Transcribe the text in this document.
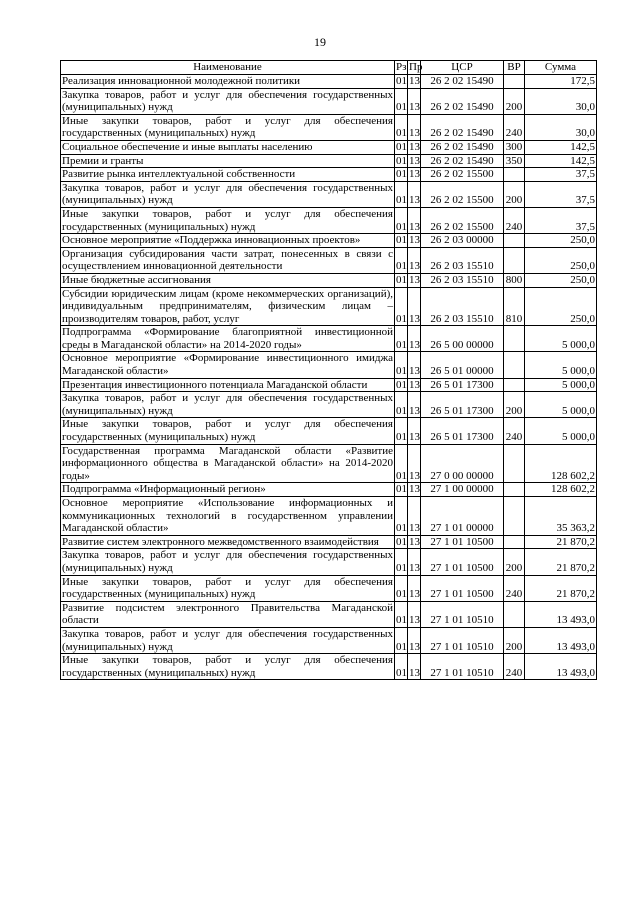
19
Наименование	Рз	Пр	ЦСР	ВР	Сумма
Реализация инновационной молодежной политики	01	13	26 2 02 15490		172,5
Закупка товаров, работ и услуг для обеспечения государственных (муниципальных) нужд	01	13	26 2 02 15490	200	30,0
Иные закупки товаров, работ и услуг для обеспечения государственных (муниципальных) нужд	01	13	26 2 02 15490	240	30,0
Социальное обеспечение и иные выплаты населению	01	13	26 2 02 15490	300	142,5
Премии и гранты	01	13	26 2 02 15490	350	142,5
Развитие рынка интеллектуальной собственности	01	13	26 2 02 15500		37,5
Закупка товаров, работ и услуг для обеспечения государственных (муниципальных) нужд	01	13	26 2 02 15500	200	37,5
Иные закупки товаров, работ и услуг для обеспечения государственных (муниципальных) нужд	01	13	26 2 02 15500	240	37,5
Основное мероприятие «Поддержка инновационных проектов»	01	13	26 2 03 00000		250,0
Организация субсидирования части затрат, понесенных в связи с осуществлением инновационной деятельности	01	13	26 2 03 15510		250,0
Иные бюджетные ассигнования	01	13	26 2 03 15510	800	250,0
Субсидии юридическим лицам (кроме некоммерческих организаций), индивидуальным предпринимателям, физическим лицам – производителям товаров, работ, услуг	01	13	26 2 03 15510	810	250,0
Подпрограмма «Формирование благоприятной инвестиционной среды в Магаданской области» на 2014-2020 годы»	01	13	26 5 00 00000		5 000,0
Основное мероприятие «Формирование инвестиционного имиджа Магаданской области»	01	13	26 5 01 00000		5 000,0
Презентация инвестиционного потенциала Магаданской области	01	13	26 5 01 17300		5 000,0
Закупка товаров, работ и услуг для обеспечения государственных (муниципальных) нужд	01	13	26 5 01 17300	200	5 000,0
Иные закупки товаров, работ и услуг для обеспечения государственных (муниципальных) нужд	01	13	26 5 01 17300	240	5 000,0
Государственная программа Магаданской области «Развитие информационного общества в Магаданской области» на 2014-2020 годы»	01	13	27 0 00 00000		128 602,2
Подпрограмма «Информационный регион»	01	13	27 1 00 00000		128 602,2
Основное мероприятие «Использование информационных и коммуникационных технологий в государственном управлении Магаданской области»	01	13	27 1 01 00000		35 363,2
Развитие систем электронного межведомственного взаимодействия	01	13	27 1 01 10500		21 870,2
Закупка товаров, работ и услуг для обеспечения государственных (муниципальных) нужд	01	13	27 1 01 10500	200	21 870,2
Иные закупки товаров, работ и услуг для обеспечения государственных (муниципальных) нужд	01	13	27 1 01 10500	240	21 870,2
Развитие подсистем электронного Правительства Магаданской области	01	13	27 1 01 10510		13 493,0
Закупка товаров, работ и услуг для обеспечения государственных (муниципальных) нужд	01	13	27 1 01 10510	200	13 493,0
Иные закупки товаров, работ и услуг для обеспечения государственных (муниципальных) нужд	01	13	27 1 01 10510	240	13 493,0
